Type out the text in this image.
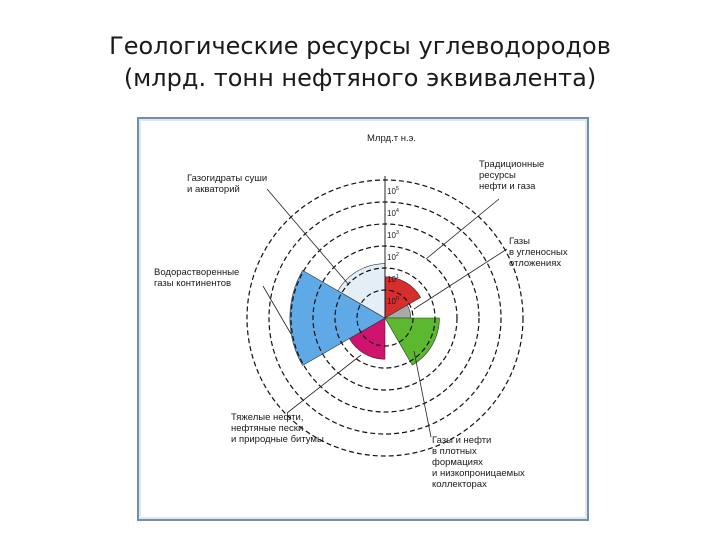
Геологические ресурсы углеводородов
(млрд. тонн нефтяного эквивалента)
$10^0$
$10^1$
$10^2$
$10^3$
$10^4$
$10^5$
Млрд.т н.э.
Традиционные ресурсы нефти и газа
Газы в угленосных отложениях
Газы и нефти в плотных формациях и низкопроницаемых коллекторах
Тяжелые нефти, нефтяные пески и природные битумы
Водорастворенные газы континентов
Газогидраты суши и акваторий
